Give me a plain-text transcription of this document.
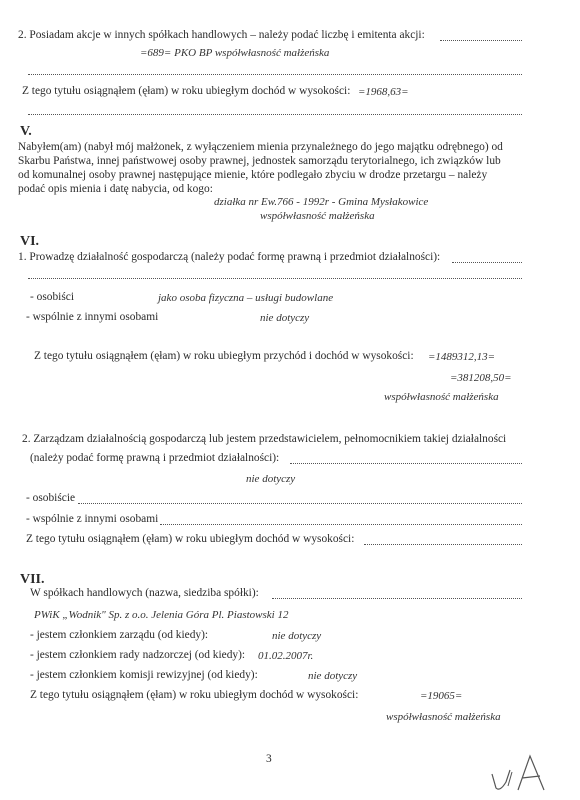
2. Posiadam akcje w innych spółkach handlowych – należy podać liczbę i emitenta akcji:
=689= PKO BP współwłasność małżeńska
Z tego tytułu osiągnąłem (ęłam) w roku ubiegłym dochód w wysokości: =1968,63=
V.
Nabyłem(am) (nabył mój małżonek, z wyłączeniem mienia przynależnego do jego majątku odrębnego) od
Skarbu Państwa, innej państwowej osoby prawnej, jednostek samorządu terytorialnego, ich związków lub
od komunalnej osoby prawnej następujące mienie, które podlegało zbyciu w drodze przetargu – należy
podać opis mienia i datę nabycia, od kogo:
działka nr Ew.766 - 1992r - Gmina Mysłakowice
współwłasność małżeńska
VI.
1. Prowadzę działalność gospodarczą (należy podać formę prawną i przedmiot działalności):
- osobiści	jako osoba fizyczna – usługi budowlane
- wspólnie z innymi osobami	nie dotyczy
Z tego tytułu osiągnąłem (ęłam) w roku ubiegłym przychód i dochód w wysokości: =1489312,13=
=381208,50=
współwłasność małżeńska
2. Zarządzam działalnością gospodarczą lub jestem przedstawicielem, pełnomocnikiem takiej działalności
(należy podać formę prawną i przedmiot działalności):
nie dotyczy
- osobiście
- wspólnie z innymi osobami
Z tego tytułu osiągnąłem (ęłam) w roku ubiegłym dochód w wysokości:
VII.
W spółkach handlowych (nazwa, siedziba spółki):
PWiK „Wodnik" Sp. z o.o. Jelenia Góra Pl. Piastowski 12
- jestem członkiem zarządu (od kiedy):	nie dotyczy
- jestem członkiem rady nadzorczej (od kiedy): 01.02.2007r.
- jestem członkiem komisji rewizyjnej (od kiedy):	nie dotyczy
Z tego tytułu osiągnąłem (ęłam) w roku ubiegłym dochód w wysokości:	=19065=
współwłasność małżeńska
3
